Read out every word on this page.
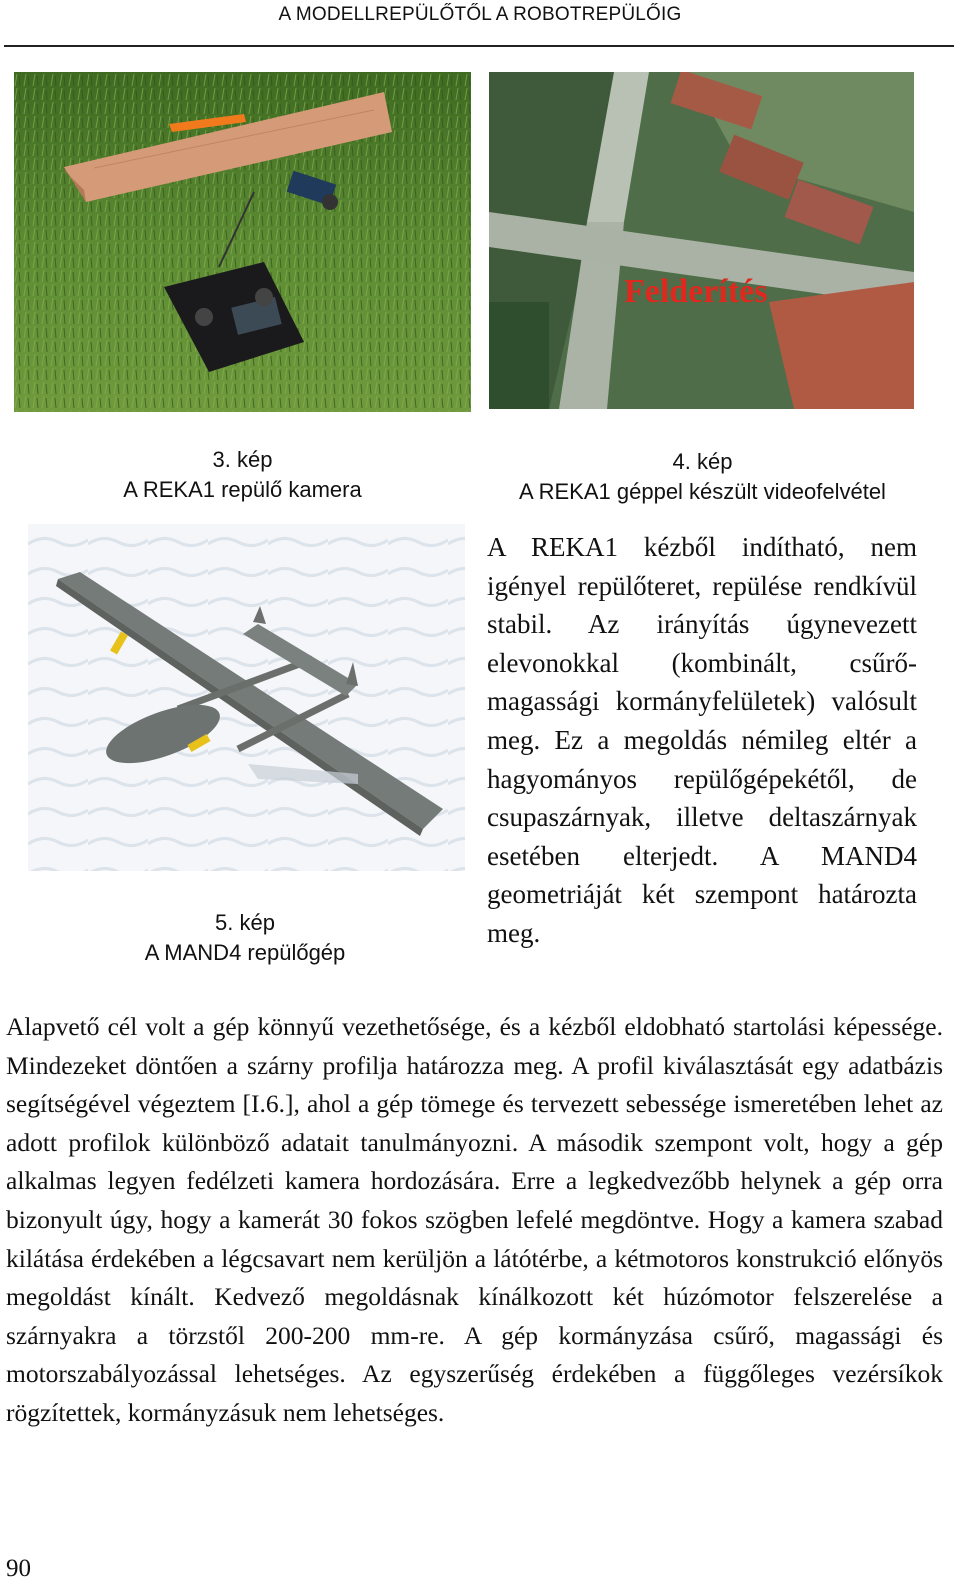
A MODELLREPÜLŐTŐL A ROBOTREPÜLŐIG
Felderítés
3. kép
A REKA1 repülő kamera
4. kép
A REKA1 géppel készült videofelvétel
5. kép
A MAND4 repülőgép
A REKA1 kézből indítható, nem igényel repülőteret, repülése rendkívül stabil. Az irányítás úgynevezett elevonokkal (kombinált, csűrő-magassági kormányfelületek) valósult meg. Ez a megoldás némileg eltér a hagyományos repülőgépekétől, de csupaszárnyak, illetve deltaszárnyak esetében elterjedt. A MAND4 geometriáját két szempont határozta meg.
Alapvető cél volt a gép könnyű vezethetősége, és a kézből eldobható startolási képessége. Mindezeket döntően a szárny profilja határozza meg. A profil kiválasztását egy adatbázis segítségével végeztem [I.6.], ahol a gép tömege és tervezett sebessége ismeretében lehet az adott profilok különböző adatait tanulmányozni. A második szempont volt, hogy a gép alkalmas legyen fedélzeti kamera hordozására. Erre a legkedvezőbb helynek a gép orra bizonyult úgy, hogy a kamerát 30 fokos szögben lefelé megdöntve. Hogy a kamera szabad kilátása érdekében a légcsavart nem kerüljön a látótérbe, a kétmotoros konstrukció előnyös megoldást kínált. Kedvező megoldásnak kínálkozott két húzómotor felszerelése a szárnyakra a törzstől 200-200 mm-re. A gép kormányzása csűrő, magassági és motorszabályozással lehetséges. Az egyszerűség érdekében a függőleges vezérsíkok rögzítettek, kormányzásuk nem lehetséges.
90
